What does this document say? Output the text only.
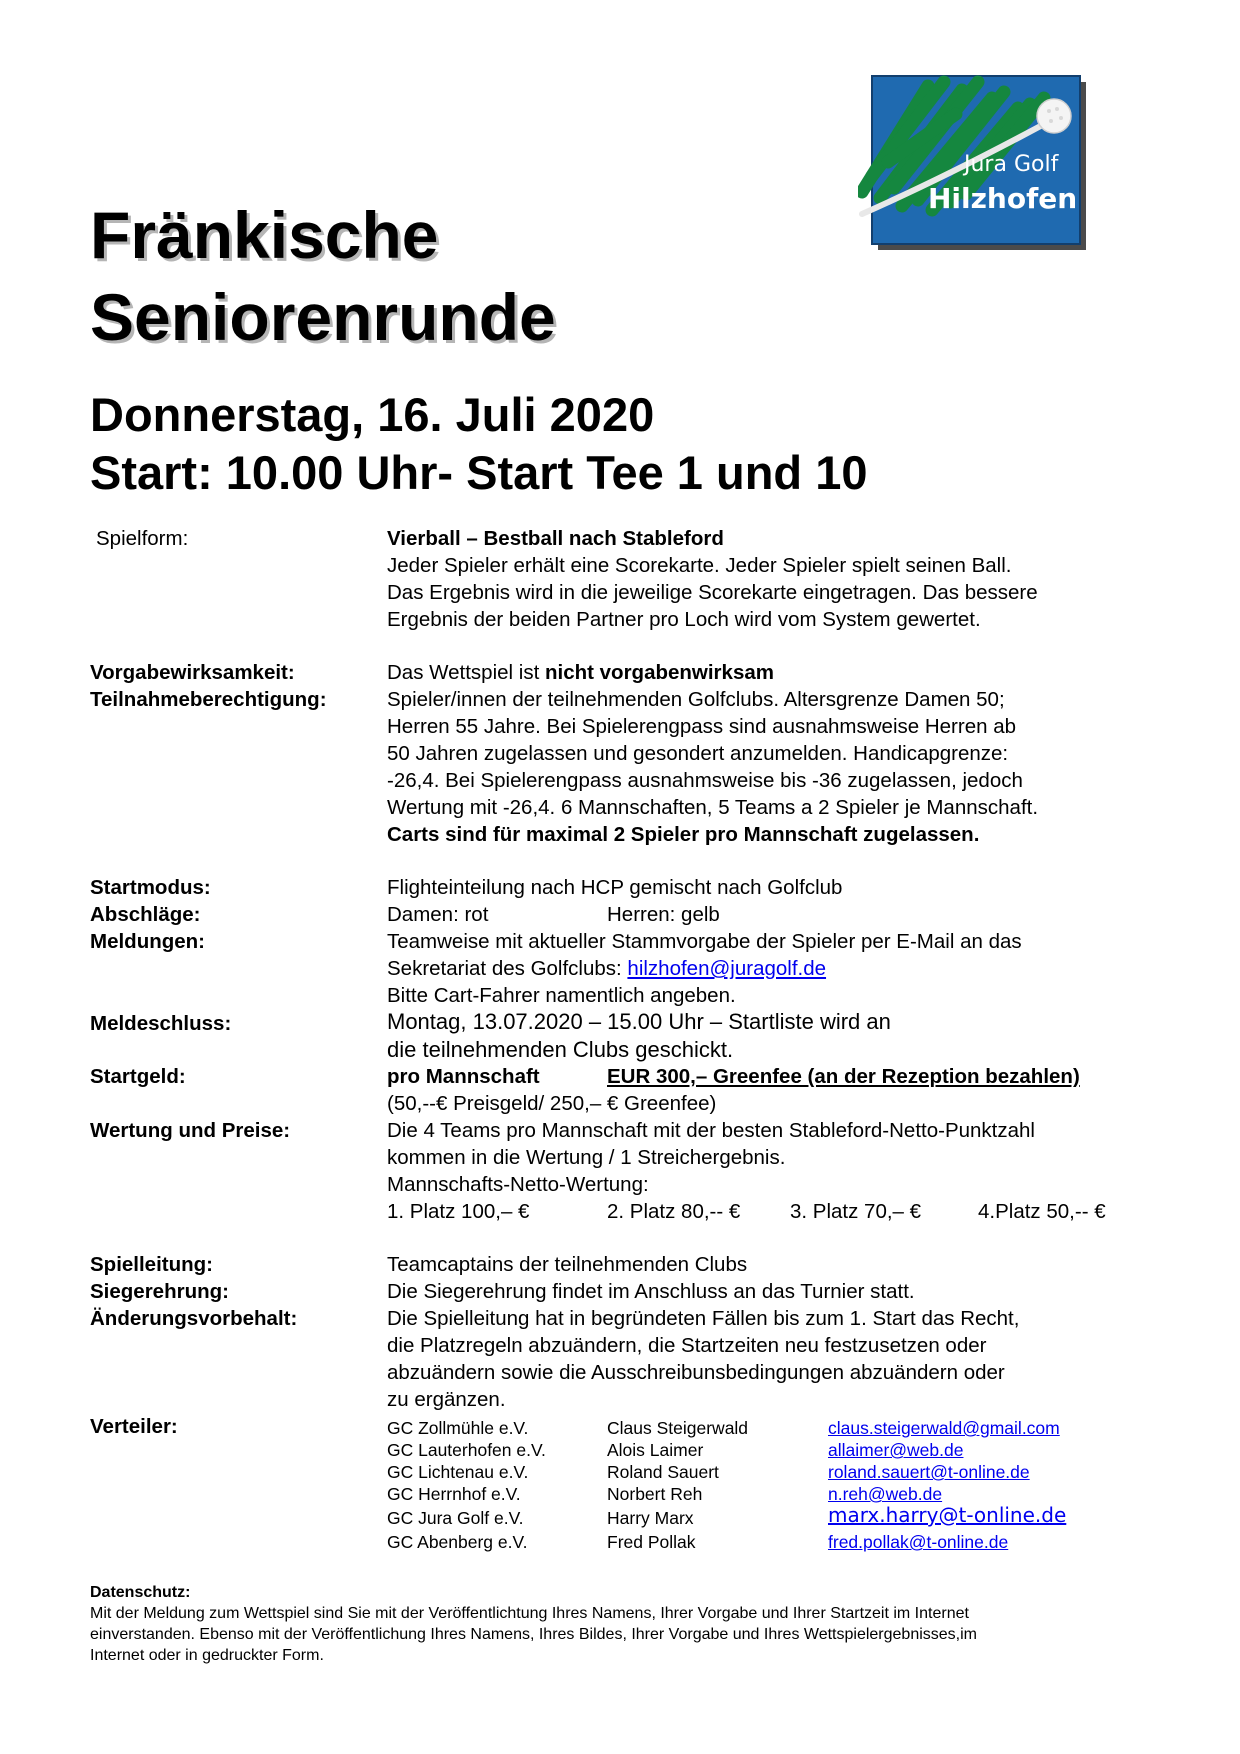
Jura Golf
Hilzhofen
Fränkische
Seniorenrunde
Donnerstag, 16. Juli 2020
Start: 10.00 Uhr- Start Tee 1 und 10
Spielform:	Vierball – Bestball nach Stableford
Jeder Spieler erhält eine Scorekarte. Jeder Spieler spielt seinen Ball.
Das Ergebnis wird in die jeweilige Scorekarte eingetragen. Das bessere
Ergebnis der beiden Partner pro Loch wird vom System gewertet.
Vorgabewirksamkeit:	Das Wettspiel ist nicht vorgabenwirksam
Teilnahmeberechtigung:	Spieler/innen der teilnehmenden Golfclubs. Altersgrenze Damen 50;
Herren 55 Jahre. Bei Spielerengpass sind ausnahmsweise Herren ab
50 Jahren zugelassen und gesondert anzumelden. Handicapgrenze:
-26,4. Bei Spielerengpass ausnahmsweise bis -36 zugelassen, jedoch
Wertung mit -26,4. 6 Mannschaften, 5 Teams a 2 Spieler je Mannschaft.
Carts sind für maximal 2 Spieler pro Mannschaft zugelassen.
Startmodus:	Flighteinteilung nach HCP gemischt nach Golfclub
Abschläge:	Damen: rot	Herren: gelb
Meldungen:	Teamweise mit aktueller Stammvorgabe der Spieler per E-Mail an das
Sekretariat des Golfclubs: hilzhofen@juragolf.de
Bitte Cart-Fahrer namentlich angeben.
Meldeschluss:	Montag, 13.07.2020 – 15.00 Uhr – Startliste wird an
die teilnehmenden Clubs geschickt.
Startgeld:	pro Mannschaft	EUR 300,– Greenfee (an der Rezeption bezahlen)
(50,--€ Preisgeld/ 250,– € Greenfee)
Wertung und Preise:	Die 4 Teams pro Mannschaft mit der besten Stableford-Netto-Punktzahl
kommen in die Wertung / 1 Streichergebnis.
Mannschafts-Netto-Wertung:
1. Platz 100,– €	2. Platz 80,-- € 3. Platz 70,– €	4.Platz 50,-- €
Spielleitung:	Teamcaptains der teilnehmenden Clubs
Siegerehrung:	Die Siegerehrung findet im Anschluss an das Turnier statt.
Änderungsvorbehalt:	Die Spielleitung hat in begründeten Fällen bis zum 1. Start das Recht,
die Platzregeln abzuändern, die Startzeiten neu festzusetzen oder
abzuändern sowie die Ausschreibunsbedingungen abzuändern oder
zu ergänzen.
Verteiler:	GC Zollmühle e.V.	Claus Steigerwald	claus.steigerwald@gmail.com
GC Lauterhofen e.V.	Alois Laimer	allaimer@web.de
GC Lichtenau e.V.	Roland Sauert	roland.sauert@t-online.de
GC Herrnhof e.V.	Norbert Reh	n.reh@web.de
GC Jura Golf e.V.	Harry Marx	marx.harry@t-online.de
GC Abenberg e.V.	Fred Pollak	fred.pollak@t-online.de
Datenschutz:
Mit der Meldung zum Wettspiel sind Sie mit der Veröffentlichtung Ihres Namens, Ihrer Vorgabe und Ihrer Startzeit im Internet
einverstanden. Ebenso mit der Veröffentlichung Ihres Namens, Ihres Bildes, Ihrer Vorgabe und Ihres Wettspielergebnisses,im
Internet oder in gedruckter Form.
